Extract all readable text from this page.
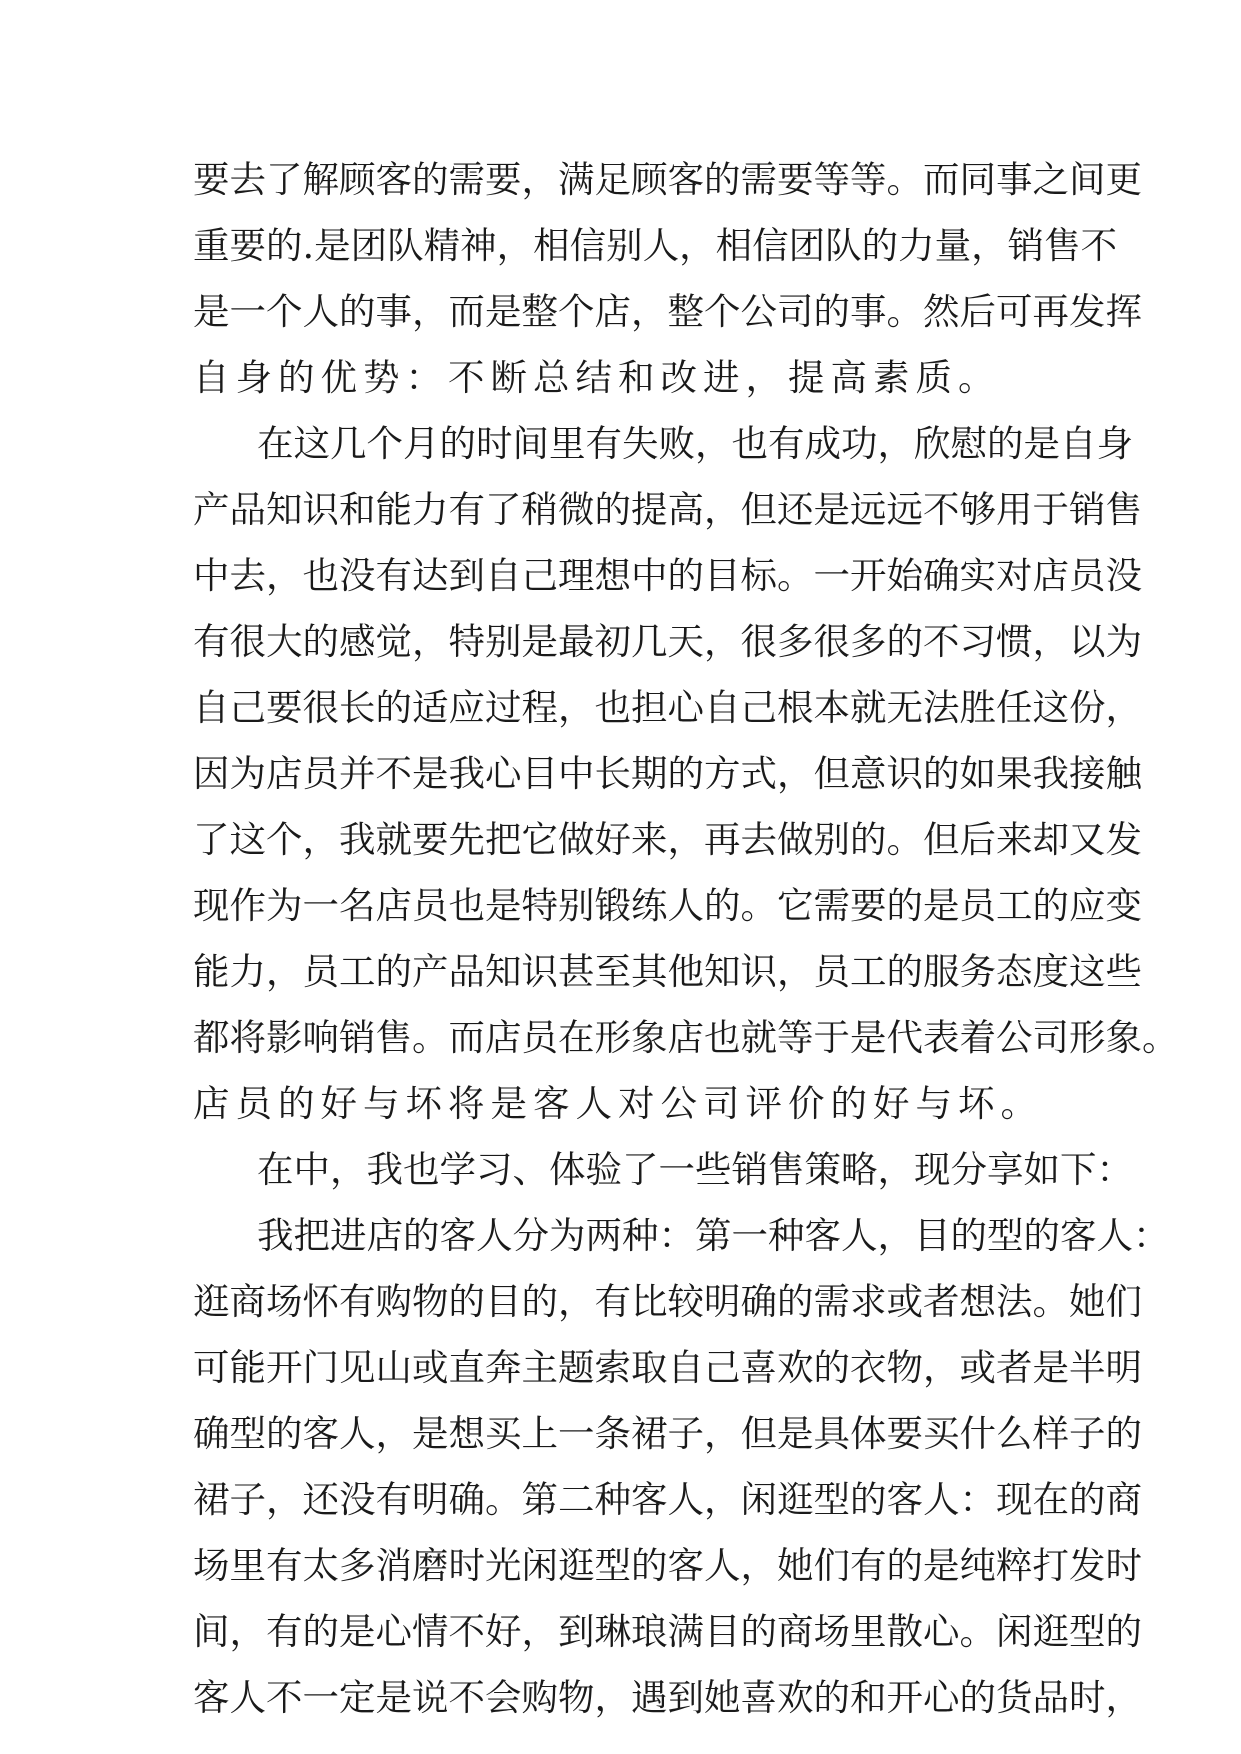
要去了解顾客的需要，满足顾客的需要等等。而同事之间更
重要的.是团队精神，相信别人，相信团队的力量，销售不
是一个人的事，而是整个店，整个公司的事。然后可再发挥
自身的优势：不断总结和改进，提高素质。
在这几个月的时间里有失败，也有成功，欣慰的是自身
产品知识和能力有了稍微的提高，但还是远远不够用于销售
中去，也没有达到自己理想中的目标。一开始确实对店员没
有很大的感觉，特别是最初几天，很多很多的不习惯，以为
自己要很长的适应过程，也担心自己根本就无法胜任这份，
因为店员并不是我心目中长期的方式，但意识的如果我接触
了这个，我就要先把它做好来，再去做别的。但后来却又发
现作为一名店员也是特别锻练人的。它需要的是员工的应变
能力，员工的产品知识甚至其他知识，员工的服务态度这些
都将影响销售。而店员在形象店也就等于是代表着公司形象。
店员的好与坏将是客人对公司评价的好与坏。
在中，我也学习、体验了一些销售策略，现分享如下：
我把进店的客人分为两种：第一种客人，目的型的客人：
逛商场怀有购物的目的，有比较明确的需求或者想法。她们
可能开门见山或直奔主题索取自己喜欢的衣物，或者是半明
确型的客人，是想买上一条裙子，但是具体要买什么样子的
裙子，还没有明确。第二种客人，闲逛型的客人：现在的商
场里有太多消磨时光闲逛型的客人，她们有的是纯粹打发时
间，有的是心情不好，到琳琅满目的商场里散心。闲逛型的
客人不一定是说不会购物，遇到她喜欢的和开心的货品时，
